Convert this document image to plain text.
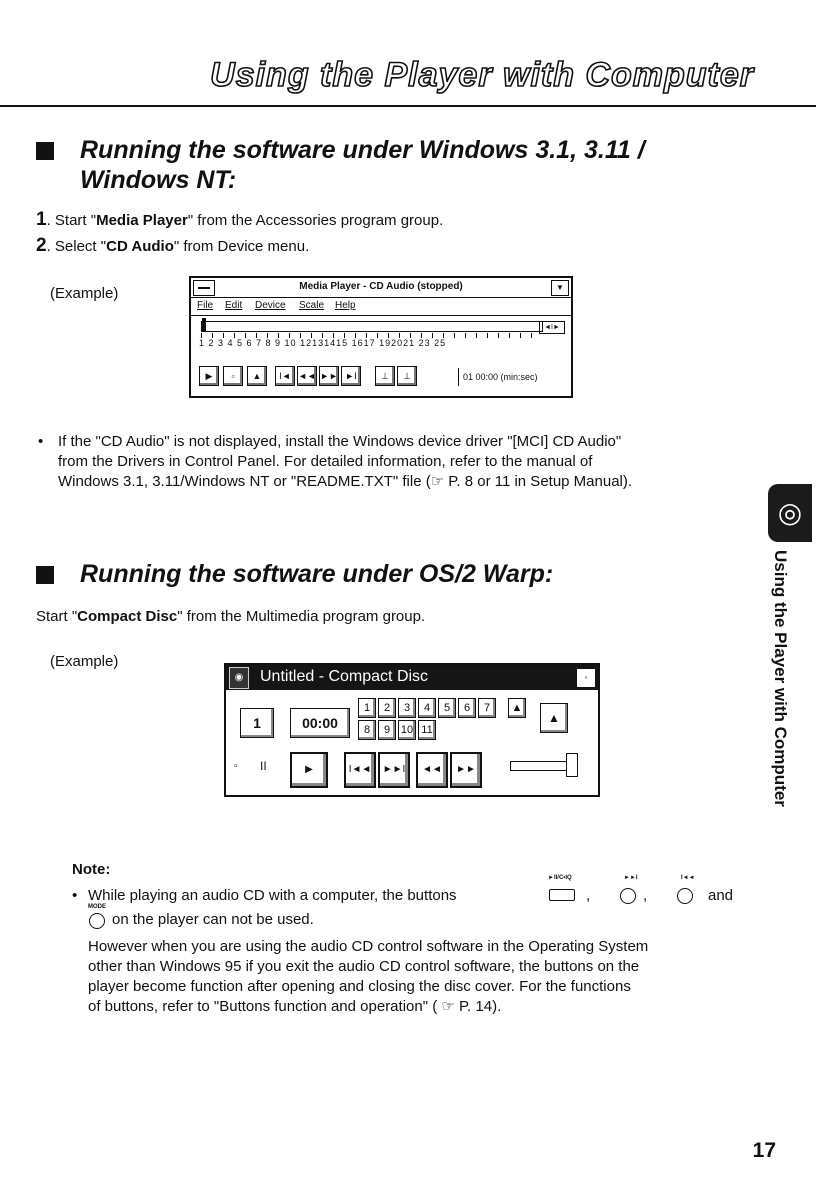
Using the Player with Computer
Running the software under Windows 3.1, 3.11 /
Windows NT:
1. Start "Media Player" from the Accessories program group.
2. Select "CD Audio" from Device menu.
(Example)	Media Player - CD Audio (stopped)	▼
File Edit Device Scale Help
◄I►
1 2 3 4 5 6 7 8 9 10 12131415 1617 192021 23 25
▶	▫	▲	I◄ ◄◄ ►► ►I	⊥	⊥	01 00:00 (min:sec)
• If the "CD Audio" is not displayed, install the Windows device driver "[MCI] CD Audio"
from the Drivers in Control Panel. For detailed information, refer to the manual of
Windows 3.1, 3.11/Windows NT or "README.TXT" file (☞ P. 8 or 11 in Setup Manual).
◎
Using the Player with Computer
Running the software under OS/2 Warp:
Start "Compact Disc" from the Multimedia program group.
(Example)
◉	Untitled - Compact Disc	▫
1	00:00
1	2	3	4	5	6	7
8	9 10 11
▲
▲
▫ II	▶	I◄◄	►►I	◄◄	►►
Note:
• While playing an audio CD with a computer, the buttons
►II/C•IQ
,
►►I
,
I◄◄
and
MODE
on the player can not be used.
However when you are using the audio CD control software in the Operating System
other than Windows 95 if you exit the audio CD control software, the buttons on the
player become function after opening and closing the disc cover. For the functions
of buttons, refer to "Buttons function and operation" ( ☞ P. 14).
17
